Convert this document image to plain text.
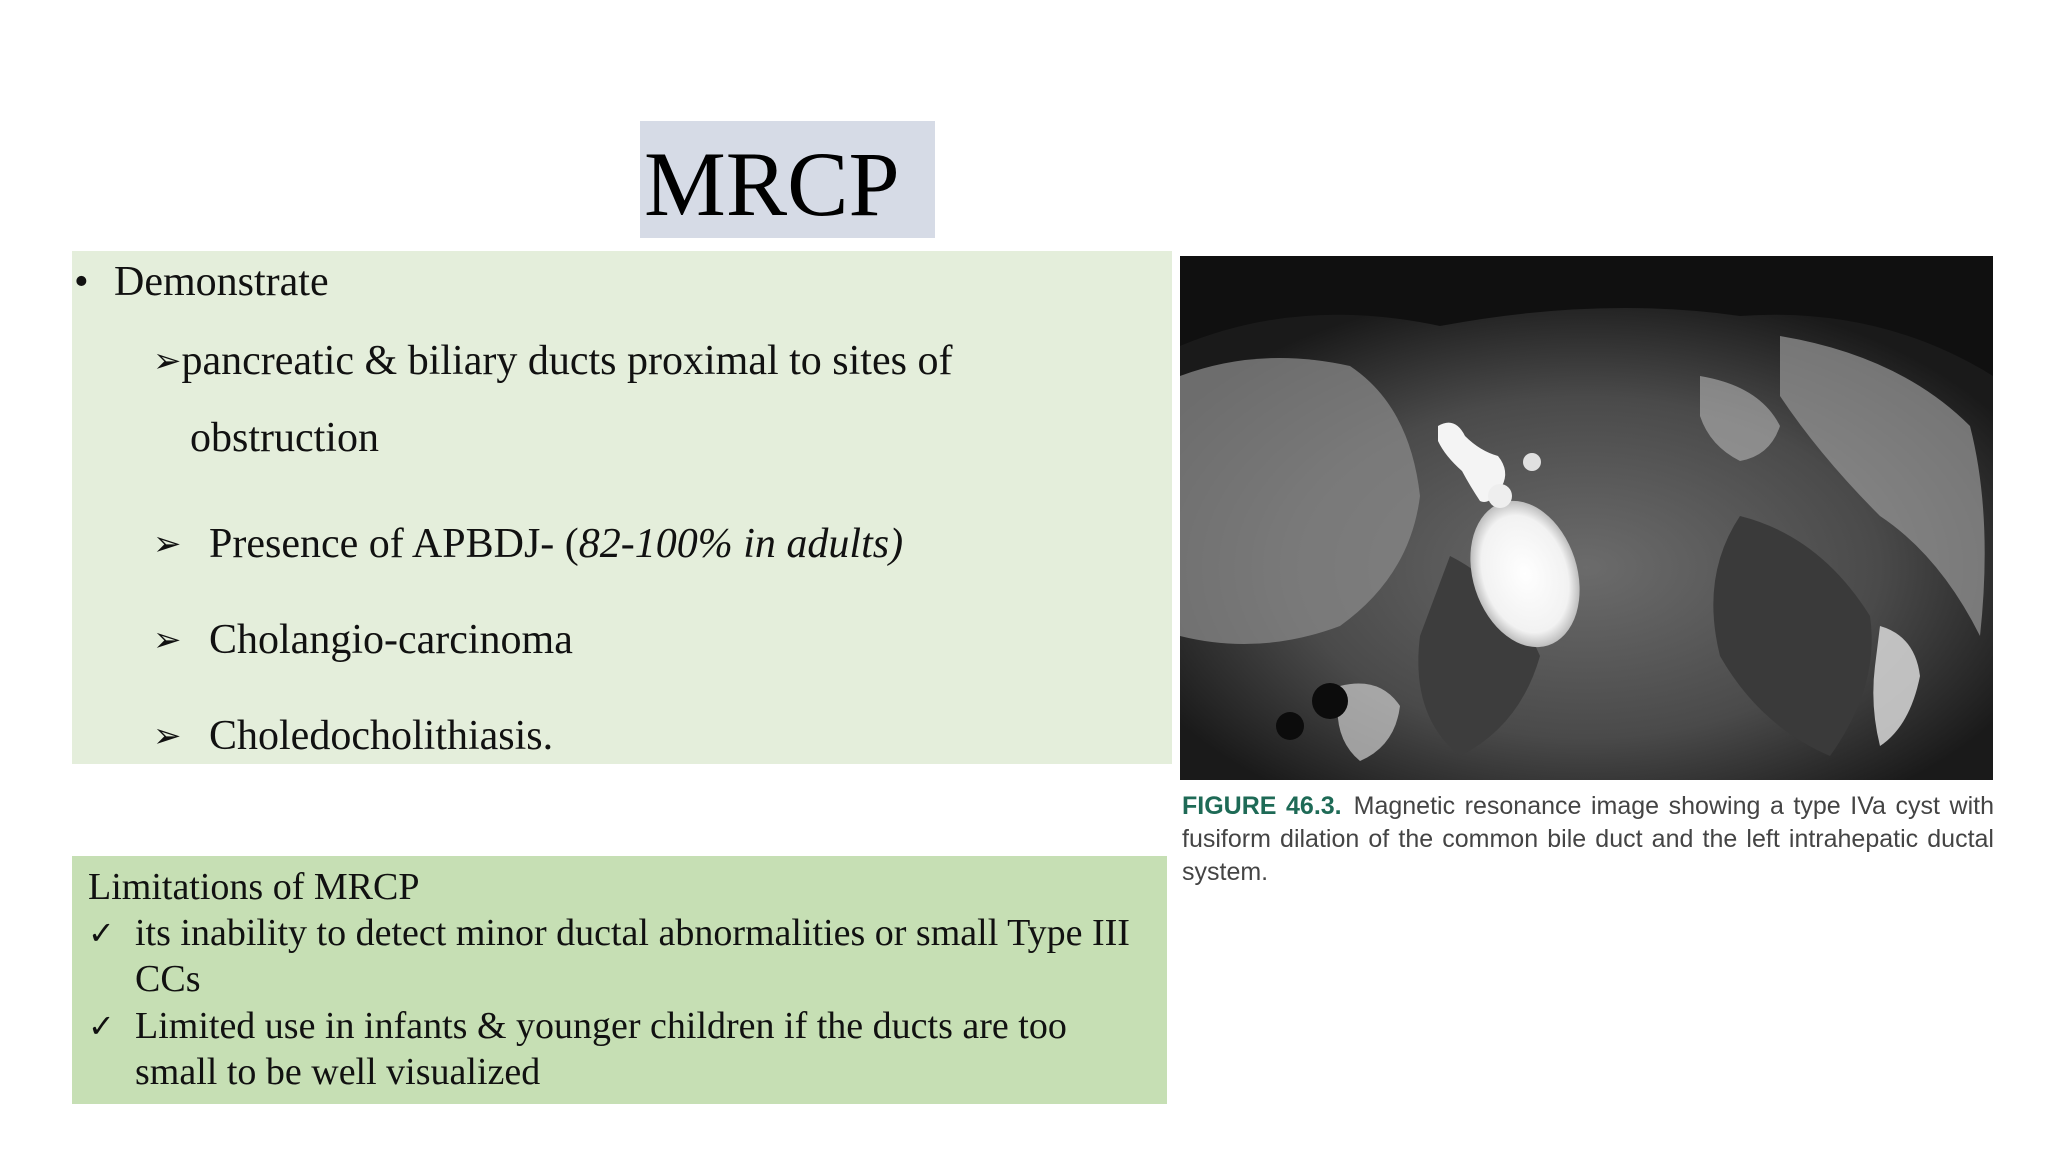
MRCP
• Demonstrate
➢pancreatic & biliary ducts proximal to sites of
obstruction
➢ Presence of APBDJ- (82-100% in adults)
➢ Cholangio-carcinoma
➢ Choledocholithiasis.
Limitations of MRCP
✓ its inability to detect minor ductal abnormalities or small Type III
CCs
✓ Limited use in infants & younger children if the ducts are too
small to be well visualized
FIGURE 46.3. Magnetic resonance image showing a type IVa cyst with fusiform dilation of the common bile duct and the left intrahepatic ductal system.
